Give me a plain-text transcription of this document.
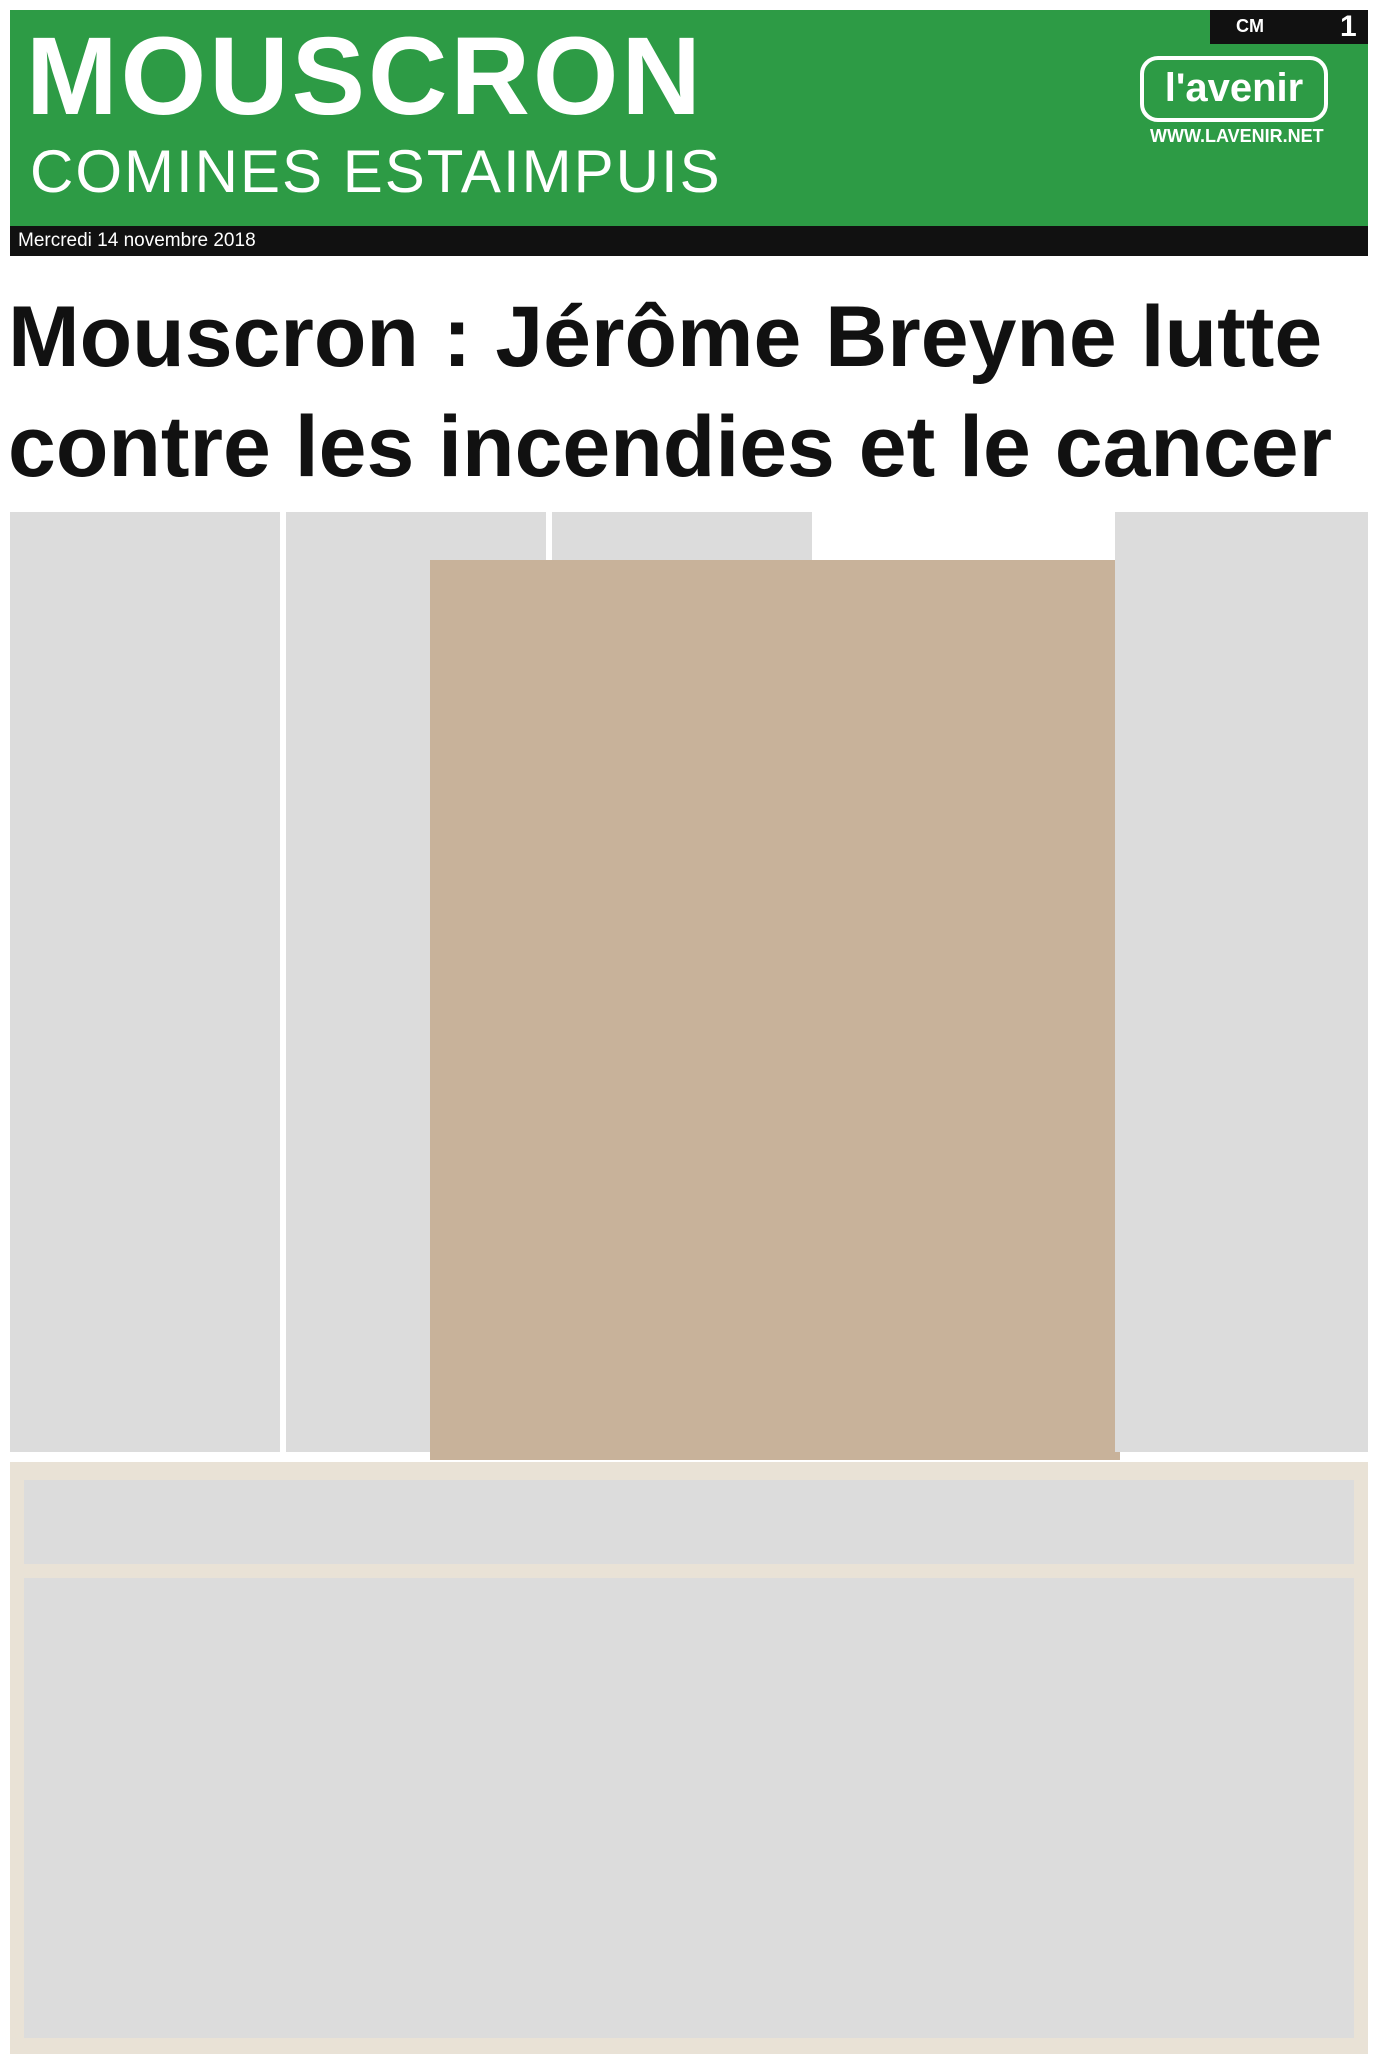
MOUSCRON
COMINES ESTAIMPUIS
CM	1
l'avenir
WWW.LAVENIR.NET
Mercredi 14 novembre 2018
Mouscron : Jérôme Breyne lutte contre les incendies et le cancer
